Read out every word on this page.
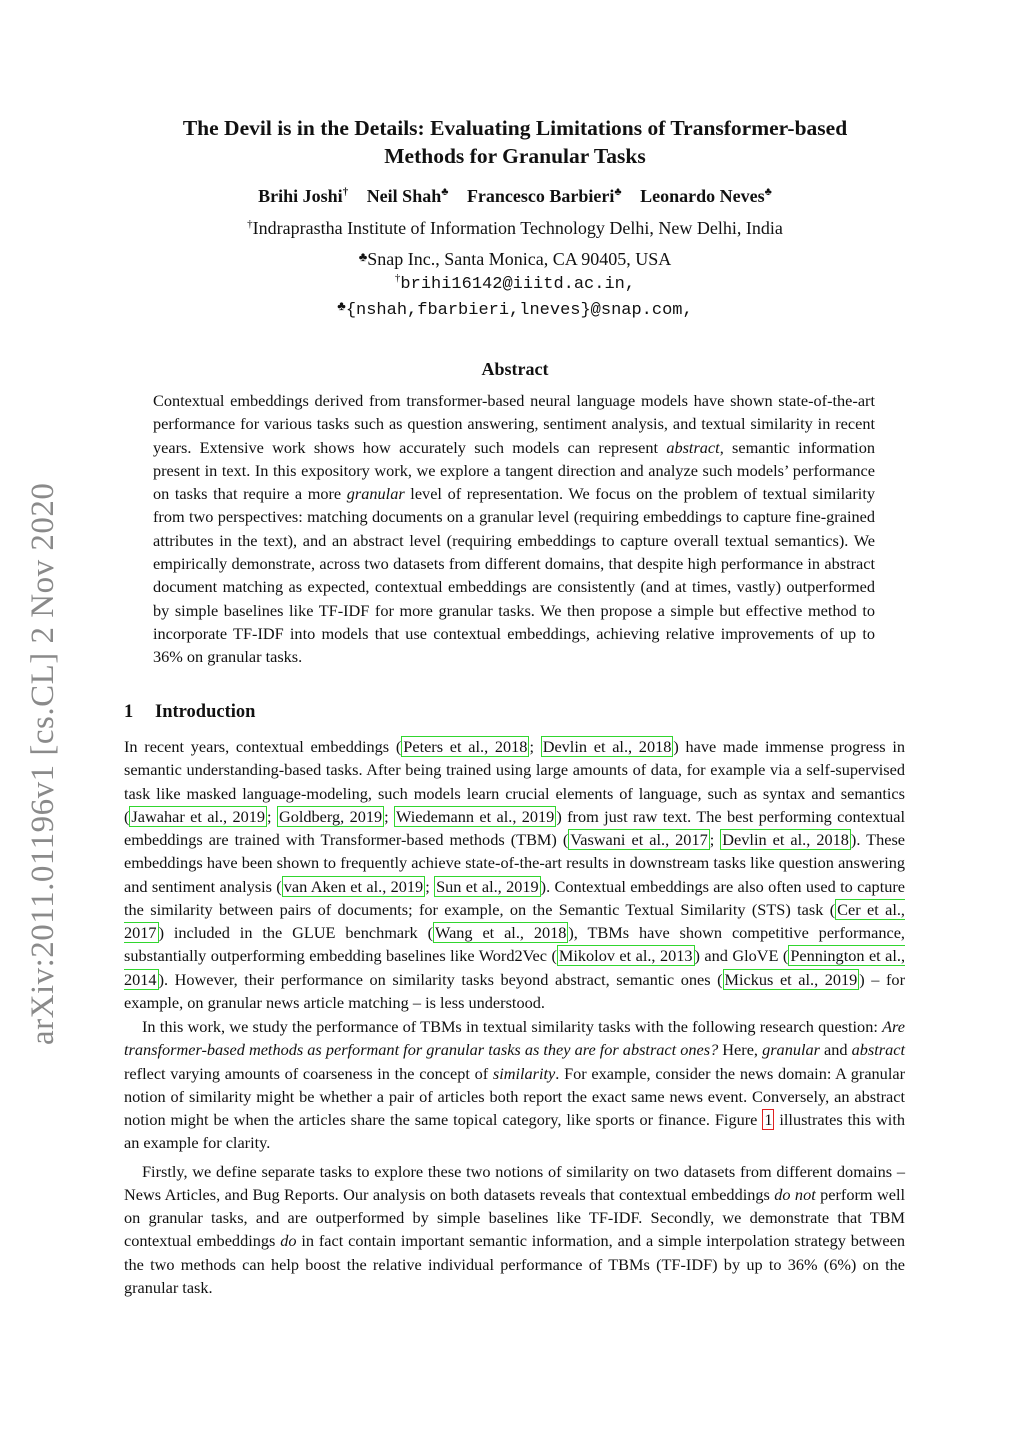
arXiv:2011.01196v1 [cs.CL] 2 Nov 2020
The Devil is in the Details: Evaluating Limitations of Transformer-based
Methods for Granular Tasks
Brihi Joshi† Neil Shah♣ Francesco Barbieri♣ Leonardo Neves♣
†Indraprastha Institute of Information Technology Delhi, New Delhi, India
♣Snap Inc., Santa Monica, CA 90405, USA
†brihi16142@iiitd.ac.in,
♣{nshah,fbarbieri,lneves}@snap.com,
Abstract

Contextual embeddings derived from transformer-based neural language models have shown state-of-the-art performance for various tasks such as question answering, sentiment analysis, and textual similarity in recent years. Extensive work shows how accurately such models can represent abstract, semantic information present in text. In this expository work, we explore a tangent direction and analyze such models’ performance on tasks that require a more granular level of representation. We focus on the problem of textual similarity from two perspectives: matching documents on a granular level (requiring embeddings to capture fine-grained attributes in the text), and an abstract level (requiring embeddings to capture overall textual semantics). We empirically demonstrate, across two datasets from different domains, that despite high performance in abstract document matching as expected, contextual embeddings are consistently (and at times, vastly) outperformed by simple baselines like TF-IDF for more granular tasks. We then propose a simple but effective method to incorporate TF-IDF into models that use contextual embeddings, achieving relative improvements of up to 36% on granular tasks.

1 Introduction

In recent years, contextual embeddings ( Peters et al., 2018 ; Devlin et al., 2018 ) have made immense progress in semantic understanding-based tasks. After being trained using large amounts of data, for example via a self-supervised task like masked language-modeling, such models learn crucial elements of language, such as syntax and semantics ( Jawahar et al., 2019 ; Goldberg, 2019 ; Wiedemann et al., 2019 ) from just raw text. The best performing contextual embeddings are trained with Transformer-based methods (TBM) ( Vaswani et al., 2017 ; Devlin et al., 2018 ). These embeddings have been shown to frequently achieve state-of-the-art results in downstream tasks like question answering and sentiment analysis ( van Aken et al., 2019 ; Sun et al., 2019 ). Contextual embeddings are also often used to capture the similarity between pairs of documents; for example, on the Semantic Textual Similarity (STS) task ( Cer et al., 2017 ) included in the GLUE benchmark ( Wang et al., 2018 ), TBMs have shown competitive performance, substantially outperforming embedding baselines like Word2Vec ( Mikolov et al., 2013 ) and GloVE ( Pennington et al., 2014 ). However, their performance on similarity tasks beyond abstract, semantic ones ( Mickus et al., 2019 ) – for example, on granular news article matching – is less understood.

In this work, we study the performance of TBMs in textual similarity tasks with the following research question: Are transformer-based methods as performant for granular tasks as they are for abstract ones? Here, granular and abstract reflect varying amounts of coarseness in the concept of similarity. For example, consider the news domain: A granular notion of similarity might be whether a pair of articles both report the exact same news event. Conversely, an abstract notion might be when the articles share the same topical category, like sports or finance. Figure 1 illustrates this with an example for clarity.

Firstly, we define separate tasks to explore these two notions of similarity on two datasets from different domains – News Articles, and Bug Reports. Our analysis on both datasets reveals that contextual embeddings do not perform well on granular tasks, and are outperformed by simple baselines like TF-IDF. Secondly, we demonstrate that TBM contextual embeddings do in fact contain important semantic information, and a simple interpolation strategy between the two methods can help boost the relative individual performance of TBMs (TF-IDF) by up to 36% (6%) on the granular task.
